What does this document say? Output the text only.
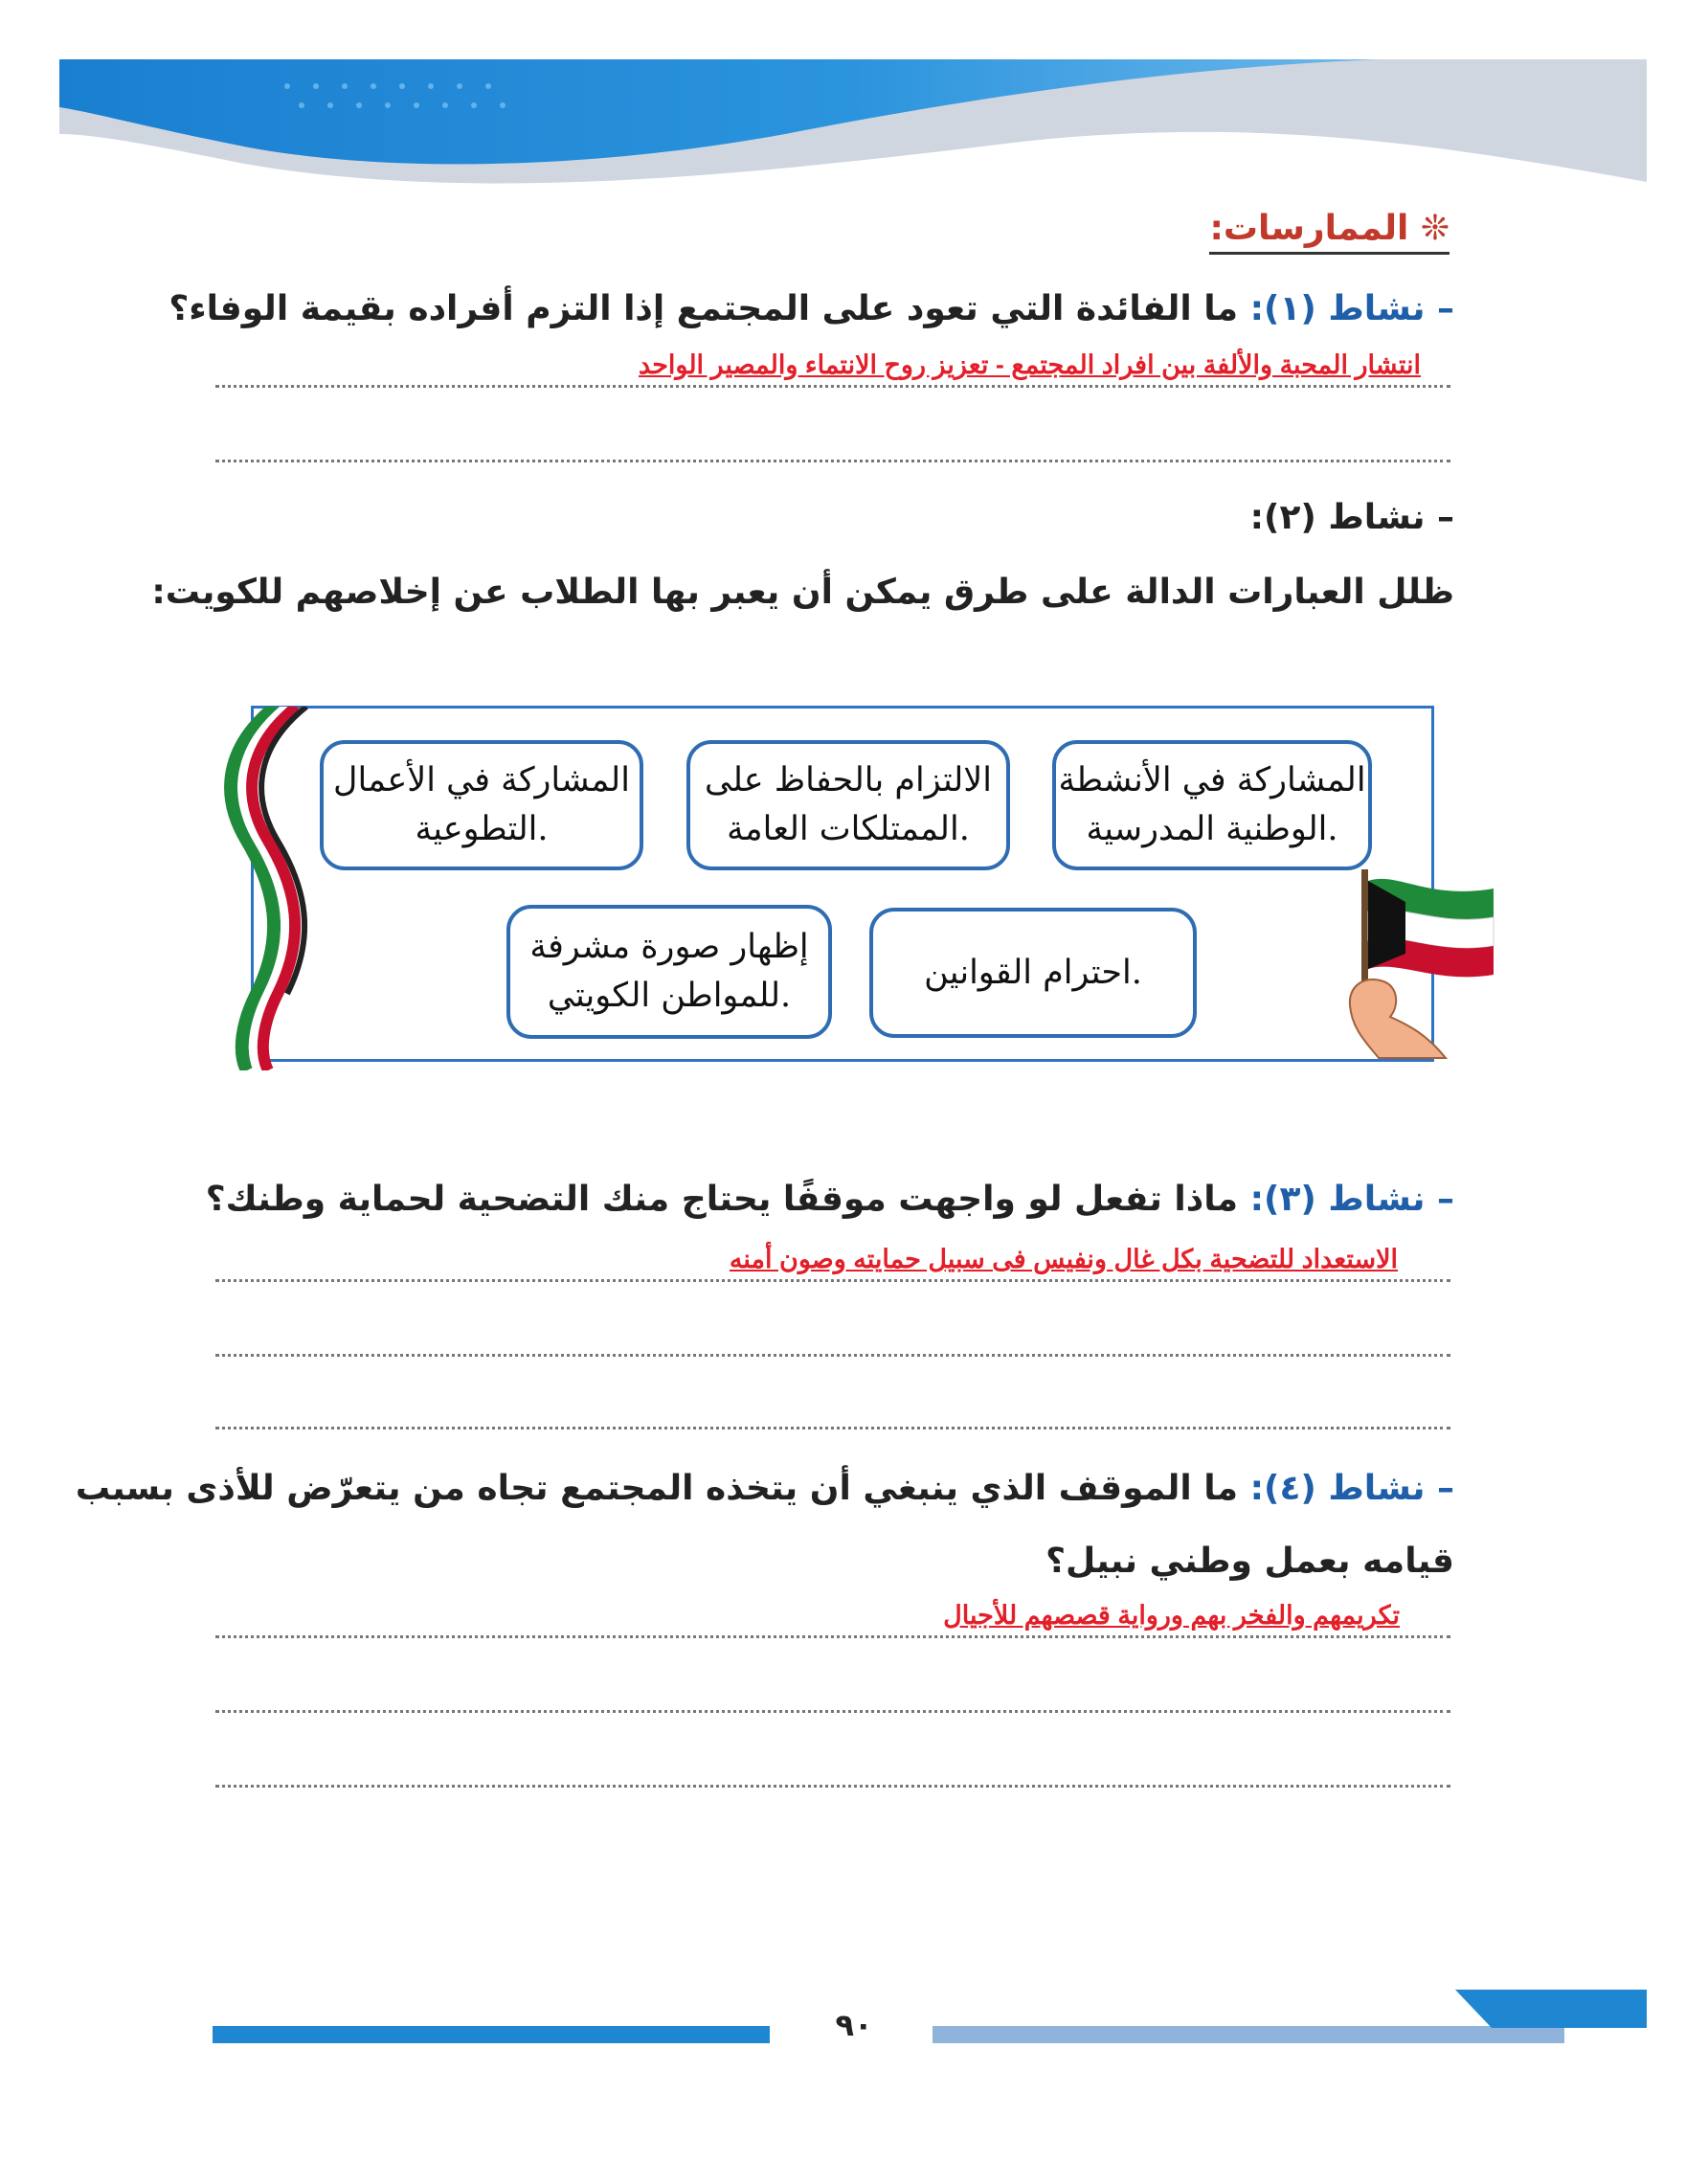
❊ الممارسات:
– نشاط (١): ما الفائدة التي تعود على المجتمع إذا التزم أفراده بقيمة الوفاء؟
انتشار المحبة والألفة بين افراد المجتمع - تعزيز روح الانتماء والمصير الواحد
– نشاط (٢):
ظلل العبارات الدالة على طرق يمكن أن يعبر بها الطلاب عن إخلاصهم للكويت:
المشاركة في الأنشطة
الوطنية المدرسية.
الالتزام بالحفاظ على
الممتلكات العامة.
المشاركة في الأعمال
التطوعية.
احترام القوانين.
إظهار صورة مشرفة
للمواطن الكويتي.
– نشاط (٣): ماذا تفعل لو واجهت موقفًا يحتاج منك التضحية لحماية وطنك؟
الاستعداد للتضحية بكل غال ونفيس فى سبيل حمايته وصون أمنه
– نشاط (٤): ما الموقف الذي ينبغي أن يتخذه المجتمع تجاه من يتعرّض للأذى بسبب
قيامه بعمل وطني نبيل؟
تكريمهم والفخر بهم ورواية قصصهم للأجيال
٩٠
